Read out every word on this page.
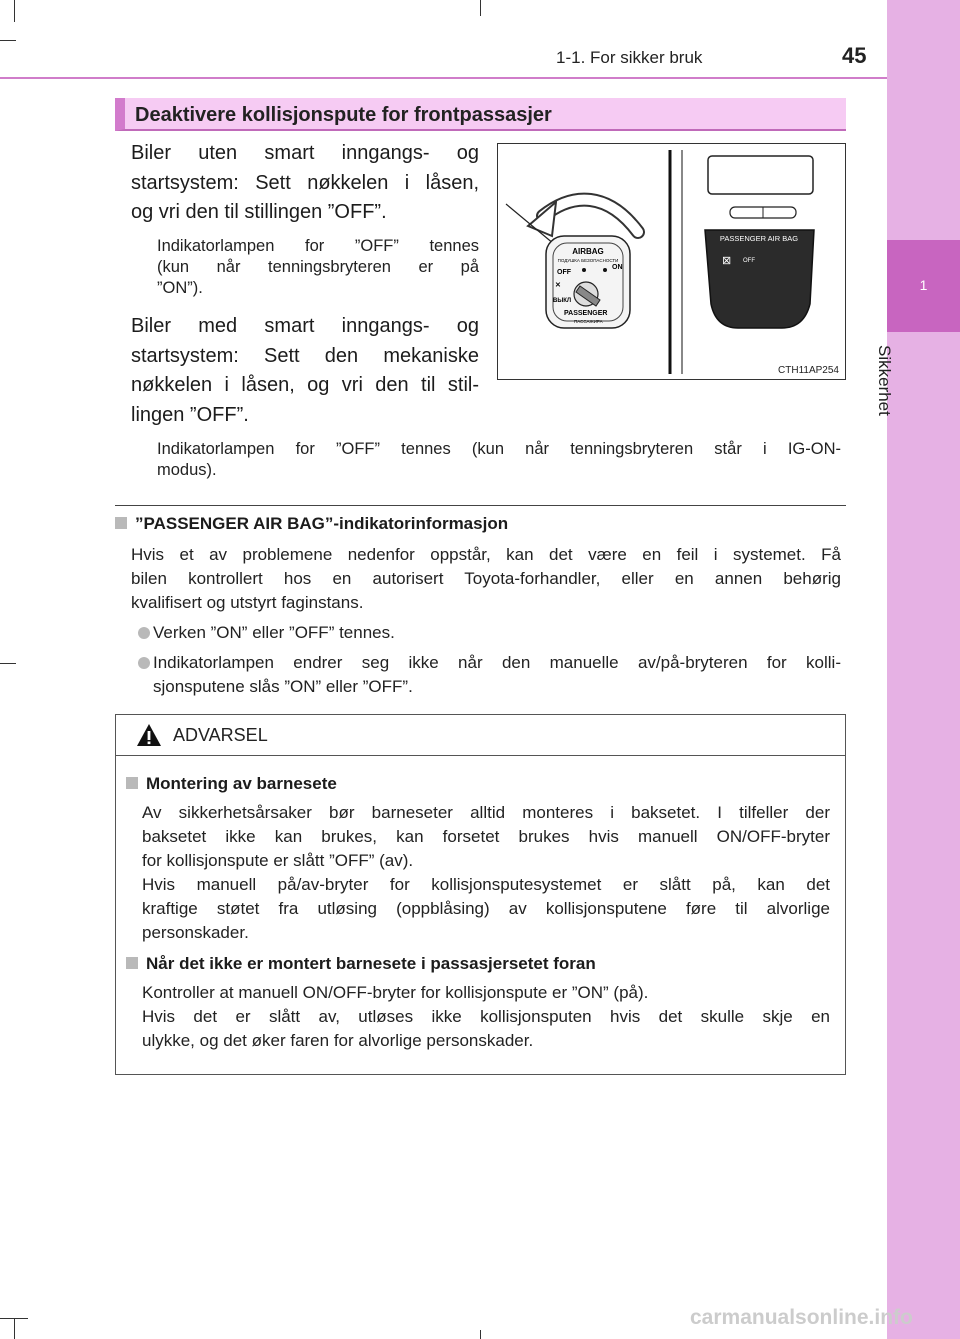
1
Sikkerhet
1-1. For sikker bruk	45
Deaktivere kollisjonspute for frontpassasjer
Biler uten smart inngangs- og
startsystem: Sett nøkkelen i låsen,
og vri den til stillingen ”OFF”.
Indikatorlampen for ”OFF” tennes
(kun når tenningsbryteren er på
”ON”).
Biler med smart inngangs- og
startsystem: Sett den mekaniske
nøkkelen i låsen, og vri den til stil-
lingen ”OFF”.
Indikatorlampen for ”OFF” tennes (kun når tenningsbryteren står i IG-ON-
modus).
AIRBAG
ПОДУШКА БЕЗОПАСНОСТИ
OFF
ON
✕
ВЫКЛ
PASSENGER
ПАССАЖИРА
PASSENGER AIR BAG
⊠ OFF
CTH11AP254
”PASSENGER AIR BAG”-indikatorinformasjon
Hvis et av problemene nedenfor oppstår, kan det være en feil i systemet. Få
bilen kontrollert hos en autorisert Toyota-forhandler, eller en annen behørig
kvalifisert og utstyrt faginstans.
Verken ”ON” eller ”OFF” tennes.
Indikatorlampen endrer seg ikke når den manuelle av/på-bryteren for kolli-
sjonsputene slås ”ON” eller ”OFF”.
ADVARSEL
Montering av barnesete
Av sikkerhetsårsaker bør barneseter alltid monteres i baksetet. I tilfeller der
baksetet ikke kan brukes, kan forsetet brukes hvis manuell ON/OFF-bryter
for kollisjonspute er slått ”OFF” (av).
Hvis manuell på/av-bryter for kollisjonsputesystemet er slått på, kan det
kraftige støtet fra utløsing (oppblåsing) av kollisjonsputene føre til alvorlige
personskader.
Når det ikke er montert barnesete i passasjersetet foran
Kontroller at manuell ON/OFF-bryter for kollisjonspute er ”ON” (på).
Hvis det er slått av, utløses ikke kollisjonsputen hvis det skulle skje en
ulykke, og det øker faren for alvorlige personskader.
carmanualsonline.info
